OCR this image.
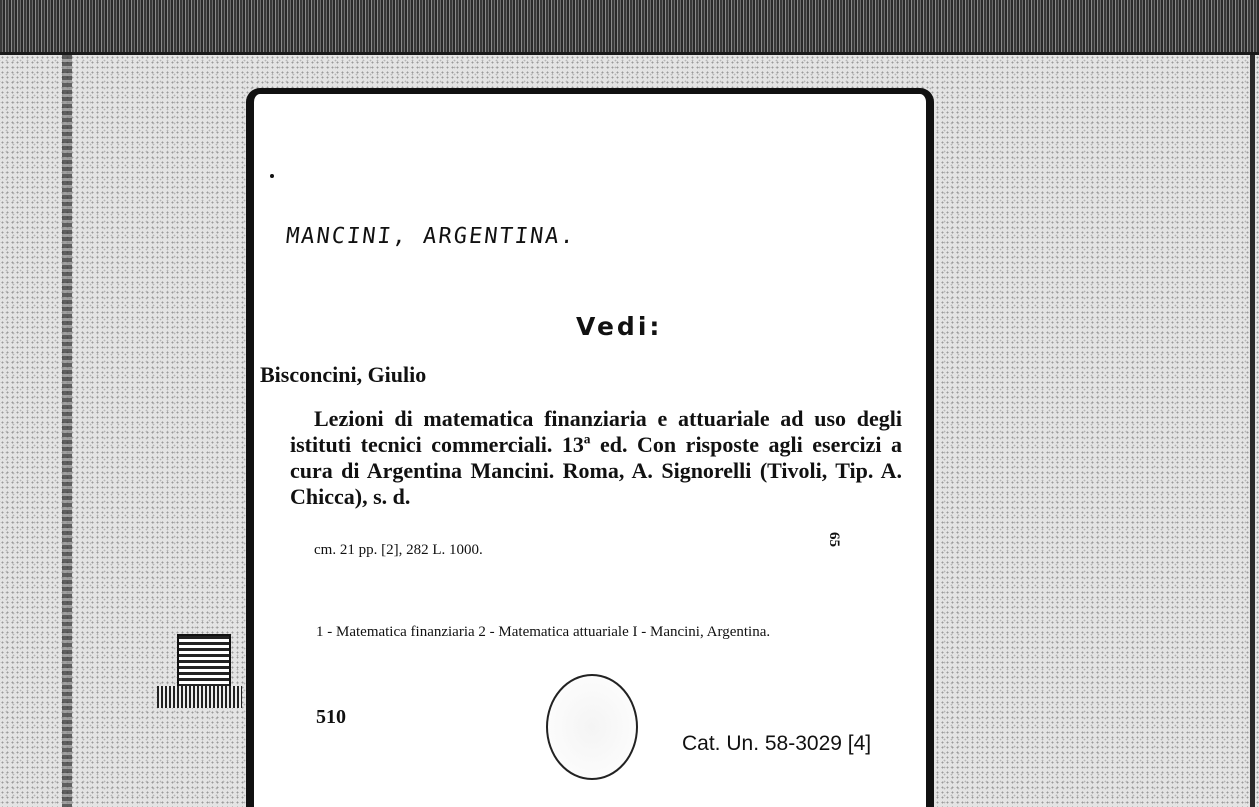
MANCINI, ARGENTINA.
Vedi:
Bisconcini, Giulio
Lezioni di matematica finanziaria e attuariale ad uso degli istituti tecnici commerciali. 13ª ed. Con risposte agli esercizi a cura di Argentina Mancini. Roma, A. Signorelli (Tivoli, Tip. A. Chicca), s. d.
cm. 21 pp. [2], 282 L. 1000.
65
1 - Matematica finanziaria 2 - Matematica attuariale I - Mancini, Argentina.
510
Cat. Un. 58-3029 [4]
